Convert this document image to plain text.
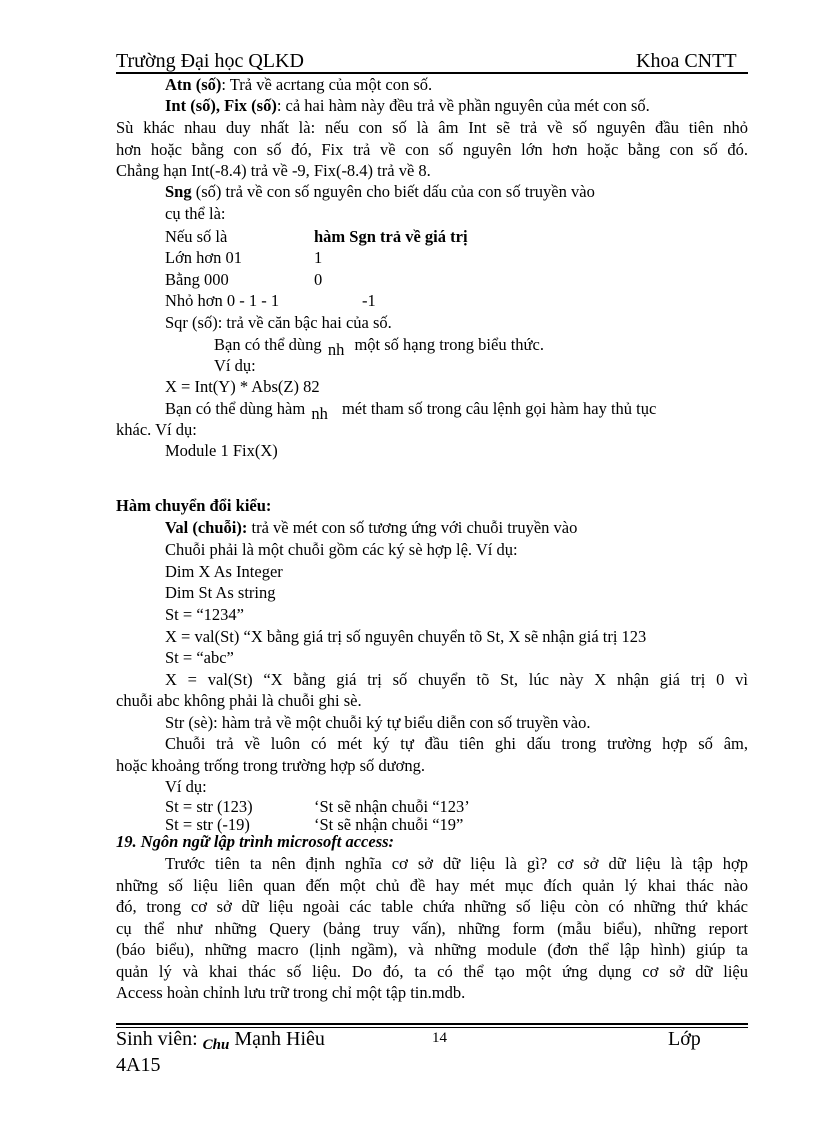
Trường Đại học QLKD	Khoa CNTT
Atn (số): Trả về acrtang của một con số.
Int (số), Fix (số): cả hai hàm này đều trả về phần nguyên của mét con số.
Sù khác nhau duy nhất là: nếu con số là âm Int sẽ trả về số nguyên đầu tiên nhỏ
hơn hoặc bằng con số đó, Fix trả về con số nguyên lớn hơn hoặc bằng con số đó.
Chẳng hạn Int(-8.4) trả về -9, Fix(-8.4) trả về 8.
Sng (số) trả về con số nguyên cho biết dấu của con số truyền vào
cụ thể là:
Nếu số là	hàm Sgn trả về giá trị
Lớn hơn 01	1
Bằng 000	0
Nhỏ hơn 0 - 1 - 1	-1
Sqr (số): trả về căn bậc hai của số.
Bạn có thể dùng nh một số hạng trong biểu thức.
Ví dụ:
X = Int(Y) * Abs(Z) 82
Bạn có thể dùng hàm nh mét tham số trong câu lệnh gọi hàm hay thủ tục
khác. Ví dụ:
Module 1 Fix(X)
Hàm chuyển đổi kiểu:
Val (chuỗi): trả về mét con số tương ứng với chuỗi truyền vào
Chuỗi phải là một chuỗi gồm các ký sè hợp lệ. Ví dụ:
Dim X As Integer
Dim St As string
St = “1234”
X = val(St) “X bằng giá trị số nguyên chuyển tõ St, X sẽ nhận giá trị 123
St = “abc”
X = val(St) “X bằng giá trị số chuyển tõ St, lúc này X nhận giá trị 0 vì
chuỗi abc không phải là chuỗi ghi sè.
Str (sè): hàm trả về một chuỗi ký tự biểu diễn con số truyền vào.
Chuỗi trả về luôn có mét ký tự đầu tiên ghi dấu trong trường hợp số âm,
hoặc khoảng trống trong trường hợp số dương.
Ví dụ:
St = str (123)	‘St sẽ nhận chuỗi “123’
St = str (-19)	‘St sẽ nhận chuỗi “19”
19. Ngôn ngữ lập trình microsoft access:
Trước tiên ta nên định nghĩa cơ sở dữ liệu là gì? cơ sở dữ liệu là tập hợp
những số liệu liên quan đến một chủ đề hay mét mục đích quản lý khai thác nào
đó, trong cơ sở dữ liệu ngoài các table chứa những số liệu còn có những thứ khác
cụ thể như những Query (bảng truy vấn), những form (mẫu biểu), những report
(báo biểu), những macro (lịnh ngầm), và những module (đơn thể lập hình) giúp ta
quản lý và khai thác số liệu. Do đó, ta có thể tạo một ứng dụng cơ sở dữ liệu
Access hoàn chỉnh lưu trữ trong chỉ một tập tin.mdb.
Sinh viên: $_{Chu}$ Mạnh Hiêu	14	Lớp
4A15
